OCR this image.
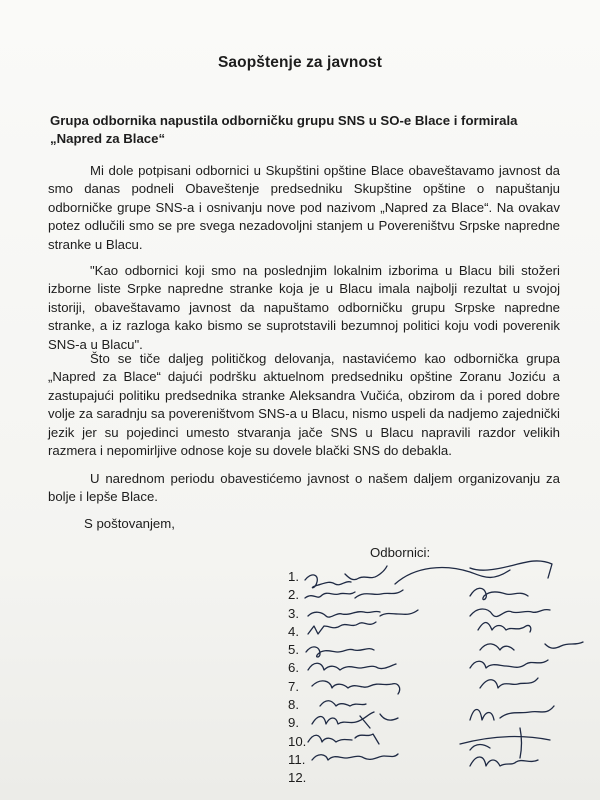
Saopštenje za javnost
Grupa odbornika napustila odborničku grupu SNS u SO-e Blace i formirala „Napred za Blace“

Mi dole potpisani odbornici u Skupštini opštine Blace obaveštavamo javnost da smo danas podneli Obaveštenje predsedniku Skupštine opštine o napuštanju odborničke grupe SNS-a i osnivanju nove pod nazivom „Napred za Blace“. Na ovakav potez odlučili smo se pre svega nezadovoljni stanjem u Povereništvu Srpske napredne stranke u Blacu.

"Kao odbornici koji smo na poslednjim lokalnim izborima u Blacu bili stožeri izborne liste Srpke napredne stranke koja je u Blacu imala najbolji rezultat u svojoj istoriji, obaveštavamo javnost da napuštamo odborničku grupu Srpske napredne stranke, a iz razloga kako bismo se suprotstavili bezumnoj politici koju vodi poverenik SNS-a u Blacu".

Što se tiče daljeg političkog delovanja, nastavićemo kao odbornička grupa „Napred za Blace“ dajući podršku aktuelnom predsedniku opštine Zoranu Joziću a zastupajući politiku predsednika stranke Aleksandra Vučića, obzirom da i pored dobre volje za saradnju sa povereništvom SNS-a u Blacu, nismo uspeli da nadjemo zajednički jezik jer su pojedinci umesto stvaranja jače SNS u Blacu napravili razdor velikih razmera i nepomirljive odnose koje su dovele blački SNS do debakla.

U narednom periodu obavestićemo javnost o našem daljem organizovanju za bolje i lepše Blace.

S poštovanjem,
Odbornici:
1.
2.
3.
4.
5.
6.
7.
8.
9.
10.
11.
12.
